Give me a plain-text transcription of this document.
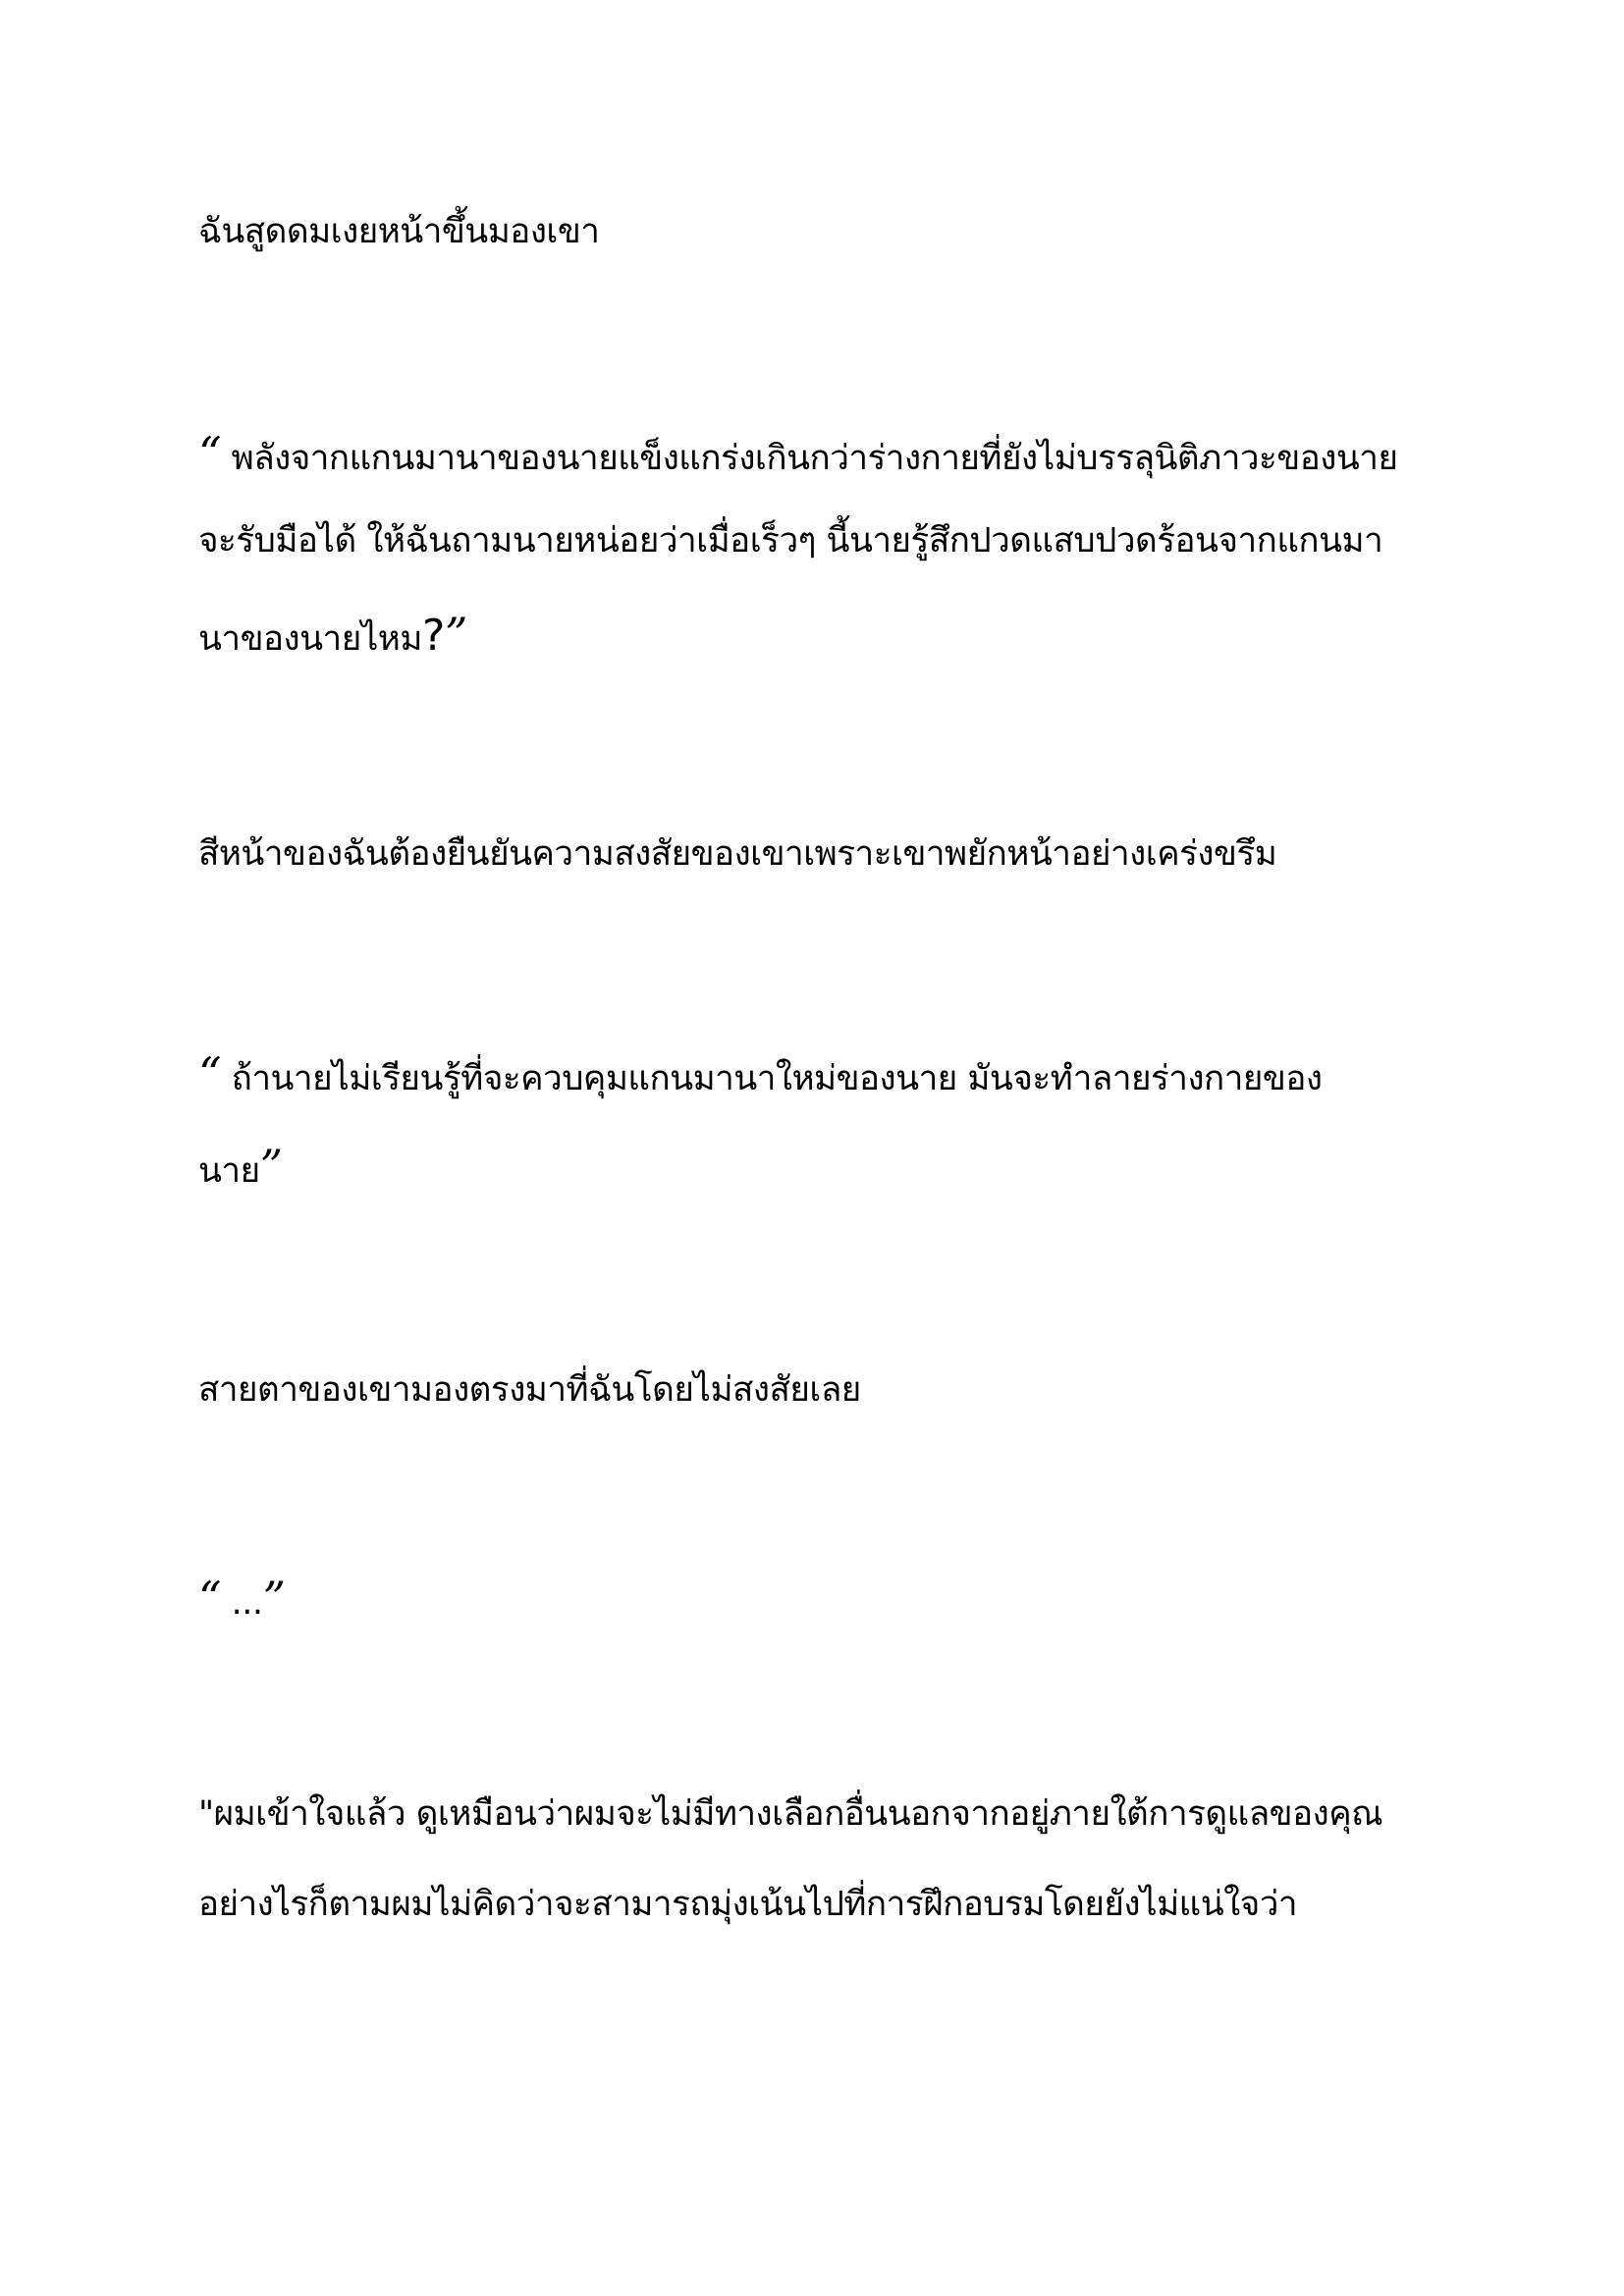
ฉันสูดดมเงยหน้าขึ้นมองเขา
“ พลังจากแกนมานาของนายแข็งแกร่งเกินกว่าร่างกายที่ยังไม่บรรลุนิติภาวะของนาย
จะรับมือได้ ให้ฉันถามนายหน่อยว่าเมื่อเร็วๆ นี้นายรู้สึกปวดแสบปวดร้อนจากแกนมา
นาของนายไหม?”
สีหน้าของฉันต้องยืนยันความสงสัยของเขาเพราะเขาพยักหน้าอย่างเคร่งขรึม
“ ถ้านายไม่เรียนรู้ที่จะควบคุมแกนมานาใหม่ของนาย มันจะทำลายร่างกายของ
นาย”
สายตาของเขามองตรงมาที่ฉันโดยไม่สงสัยเลย
“ ...”
"ผมเข้าใจแล้ว ดูเหมือนว่าผมจะไม่มีทางเลือกอื่นนอกจากอยู่ภายใต้การดูแลของคุณ
อย่างไรก็ตามผมไม่คิดว่าจะสามารถมุ่งเน้นไปที่การฝึกอบรมโดยยังไม่แน่ใจว่า
